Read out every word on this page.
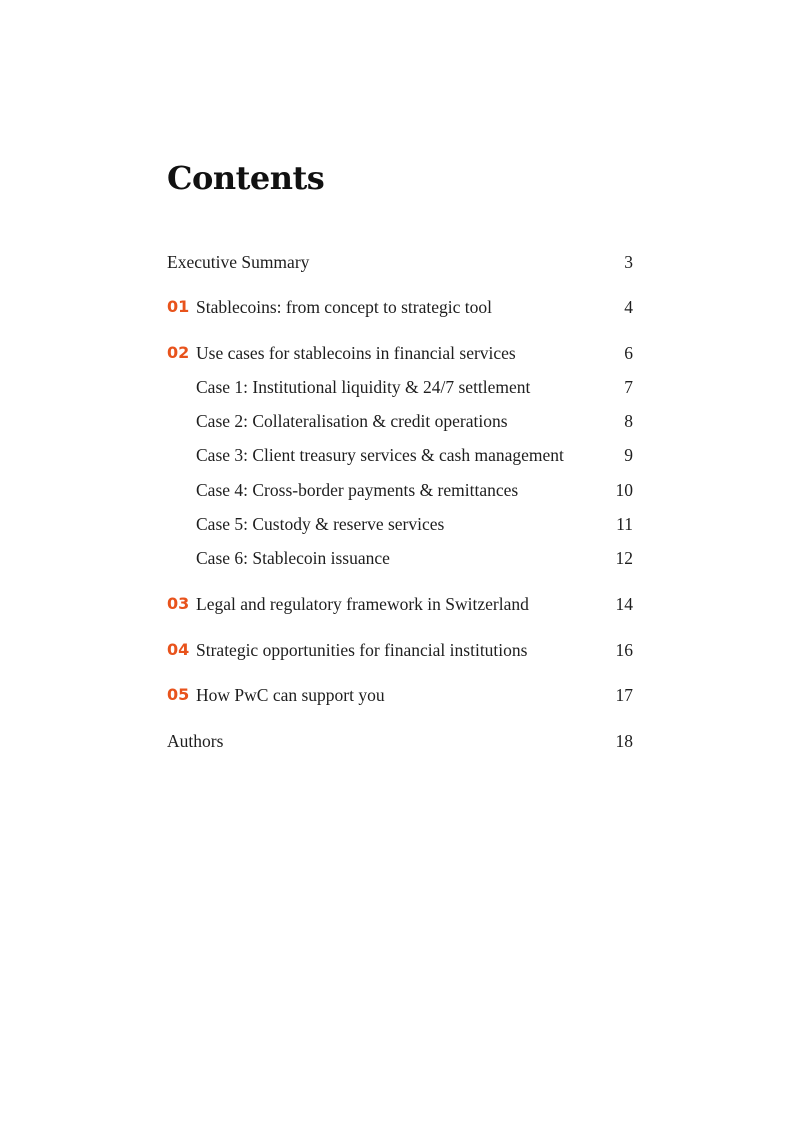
Contents
Executive Summary	3
01 Stablecoins: from concept to strategic tool	4
02 Use cases for stablecoins in financial services	6
Case 1: Institutional liquidity & 24/7 settlement	7
Case 2: Collateralisation & credit operations	8
Case 3: Client treasury services & cash management	9
Case 4: Cross-border payments & remittances	10
Case 5: Custody & reserve services	11
Case 6: Stablecoin issuance	12
03 Legal and regulatory framework in Switzerland	14
04 Strategic opportunities for financial institutions	16
05 How PwC can support you	17
Authors	18
